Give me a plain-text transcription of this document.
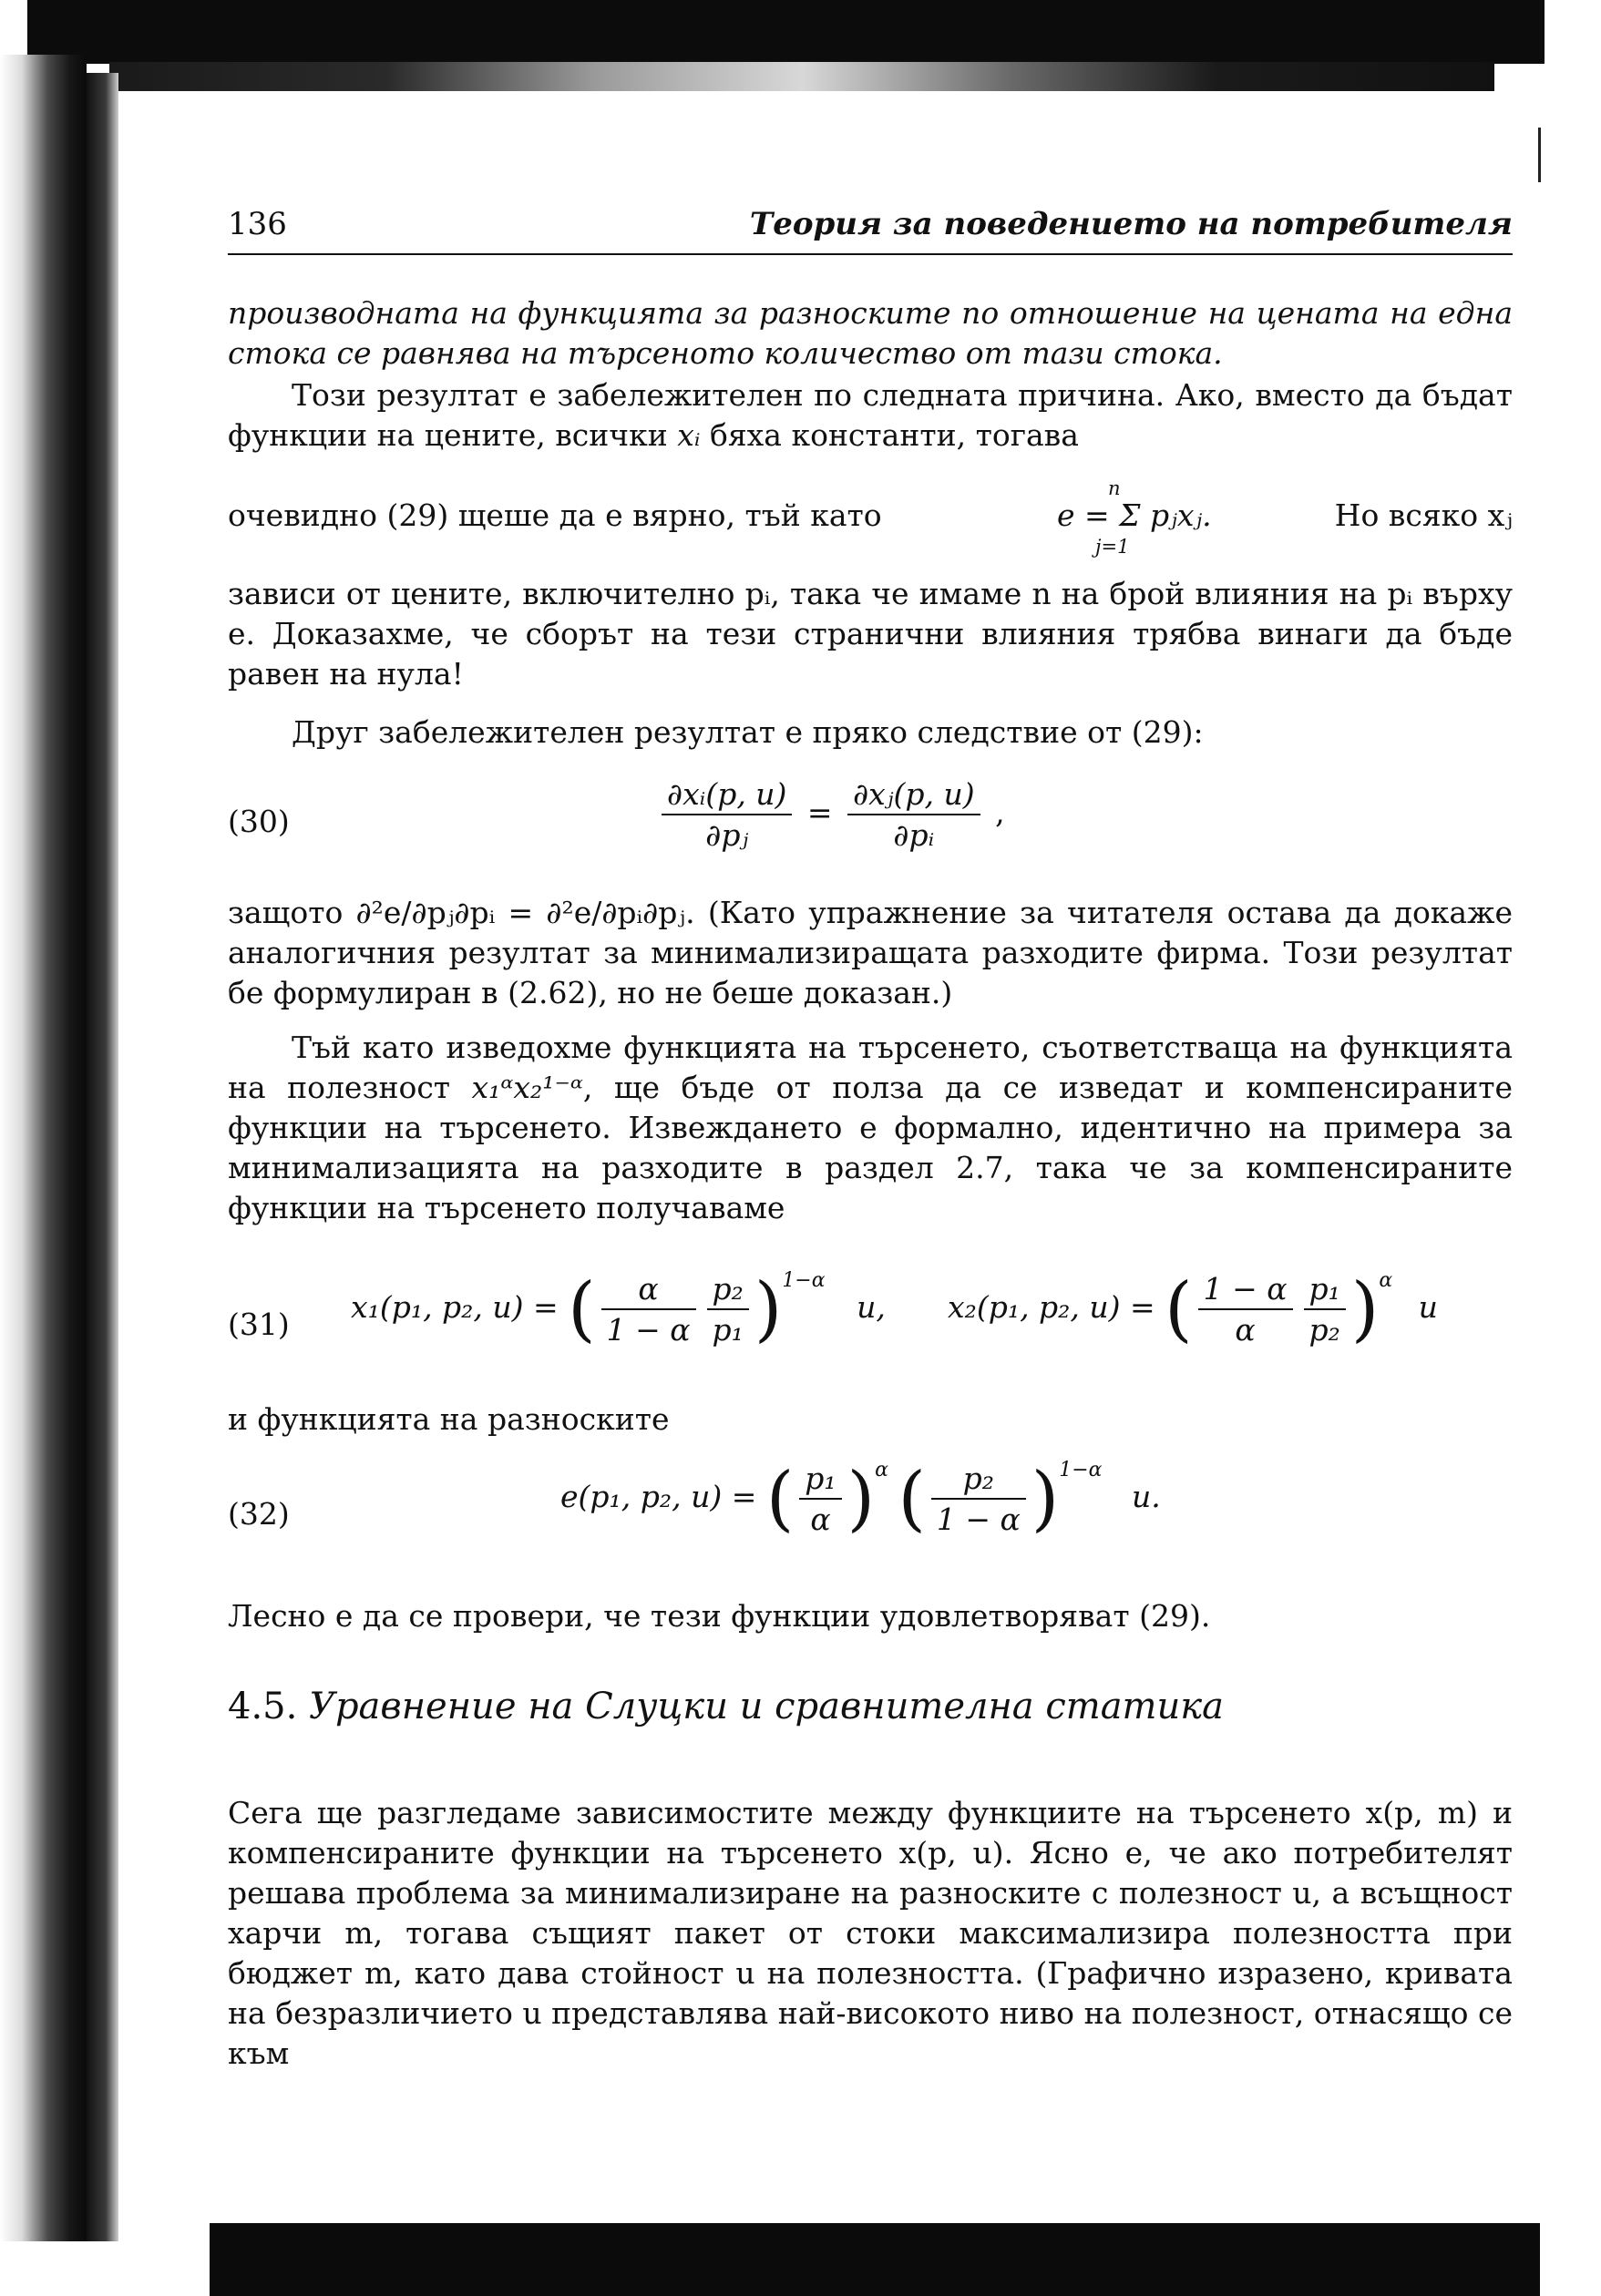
136	Теория за поведението на потребителя

производната на функцията за разноските по отношение на цената на една стока се равнява на търсеното количество от тази стока.

Този резултат е забележителен по следната причина. Ако, вместо да бъдат функции на цените, всички xᵢ бяха константи, тогава

очевидно (29) щеше да е вярно, тъй като
n
e = Σ pⱼxⱼ.
j=1
Но всяко xⱼ

зависи от цените, включително pᵢ, така че имаме n на брой влияния на pᵢ върху e. Доказахме, че сборът на тези странични влияния трябва винаги да бъде равен на нула!

Друг забележителен резултат е пряко следствие от (29):

(30)	$\frac{\text{∂xᵢ(p, u)}}{\text{∂pⱼ}} = \frac{\text{∂xⱼ(p, u)}}{\text{∂pᵢ}}$ ,

защото ∂²e/∂pⱼ∂pᵢ = ∂²e/∂pᵢ∂pⱼ. (Като упражнение за читателя остава да докаже аналогичния резултат за минимализиращата разходите фирма. Този резултат бе формулиран в (2.62), но не беше доказан.)

Тъй като изведохме функцията на търсенето, съответстваща на функцията на полезност x₁ᵅx₂¹⁻ᵅ, ще бъде от полза да се изведат и компенсираните функции на търсенето. Извеждането е формално, идентично на примера за минимализацията на разходите в раздел 2.7, така че за компенсираните функции на търсенето получаваме

(31) x₁(p₁, p₂, u) = ( $\frac{\alpha}{1 - \alpha} \frac{\text{p₂}}{\text{p₁}} )^{1-\alpha}$ u, x₂(p₁, p₂, u) = ( $\frac{1 - \alpha}{\alpha} \frac{\text{p₁}}{\text{p₂}} )^\alpha$ u

и функцията на разноските

(32)	e(p₁, p₂, u) = ( $\frac{\text{p₁}}{\alpha} )^\alpha$ ( $\frac{\text{p₂}}{1 - \alpha} )^{1-\alpha}$ u.

Лесно е да се провери, че тези функции удовлетворяват (29).

4.5. Уравнение на Слуцки и сравнителна статика

Сега ще разгледаме зависимостите между функциите на търсенето x(p, m) и компенсираните функции на търсенето x(p, u). Ясно е, че ако потребителят решава проблема за минимализиране на разноските с полезност u, а всъщност харчи m, тогава същият пакет от стоки максимализира полезността при бюджет m, като дава стойност u на полезността. (Графично изразено, кривата на безразличието u представлява най-високото ниво на полезност, отнасящо се към
